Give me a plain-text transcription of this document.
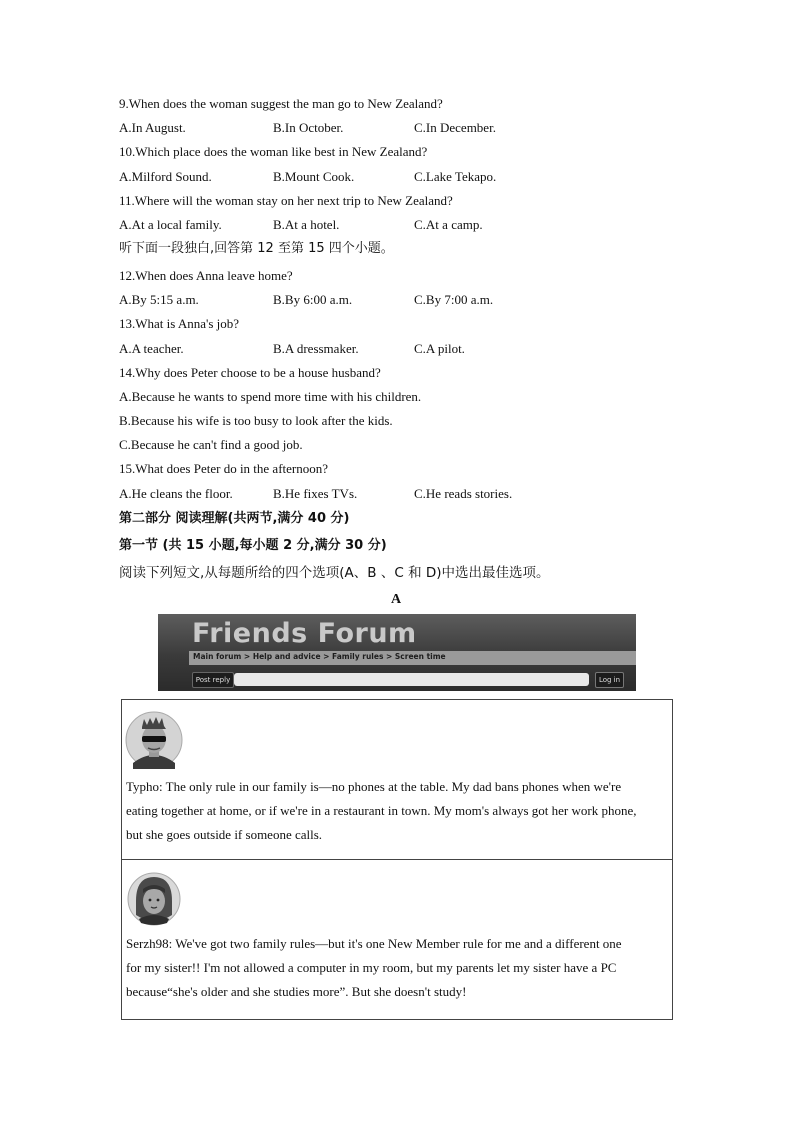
9.When does the woman suggest the man go to New Zealand?
A.In August.	B.In October.	C.In December.
10.Which place does the woman like best in New Zealand?
A.Milford Sound.	B.Mount Cook.	C.Lake Tekapo.
11.Where will the woman stay on her next trip to New Zealand?
A.At a local family.	B.At a hotel.	C.At a camp.
听下面一段独白,回答第 12 至第 15 四个小题。
12.When does Anna leave home?
A.By 5:15 a.m.	B.By 6:00 a.m.	C.By 7:00 a.m.
13.What is Anna's job?
A.A teacher.	B.A dressmaker.	C.A pilot.
14.Why does Peter choose to be a house husband?
A.Because he wants to spend more time with his children.
B.Because his wife is too busy to look after the kids.
C.Because he can't find a good job.
15.What does Peter do in the afternoon?
A.He cleans the floor.	B.He fixes TVs.	C.He reads stories.
第二部分 阅读理解(共两节,满分 40 分)
第一节 (共 15 小题,每小题 2 分,满分 30 分)
阅读下列短文,从每题所给的四个选项(A、B 、C 和 D)中选出最佳选项。
A
Friends Forum
Main forum > Help and advice > Family rules > Screen time
Post reply	Log in
Typho: The only rule in our family is—no phones at the table. My dad bans phones when we're
eating together at home, or if we're in a restaurant in town. My mom's always got her work phone,
but she goes outside if someone calls.
Serzh98: We've got two family rules—but it's one New Member rule for me and a different one
for my sister!! I'm not allowed a computer in my room, but my parents let my sister have a PC
because“she's older and she studies more”. But she doesn't study!
